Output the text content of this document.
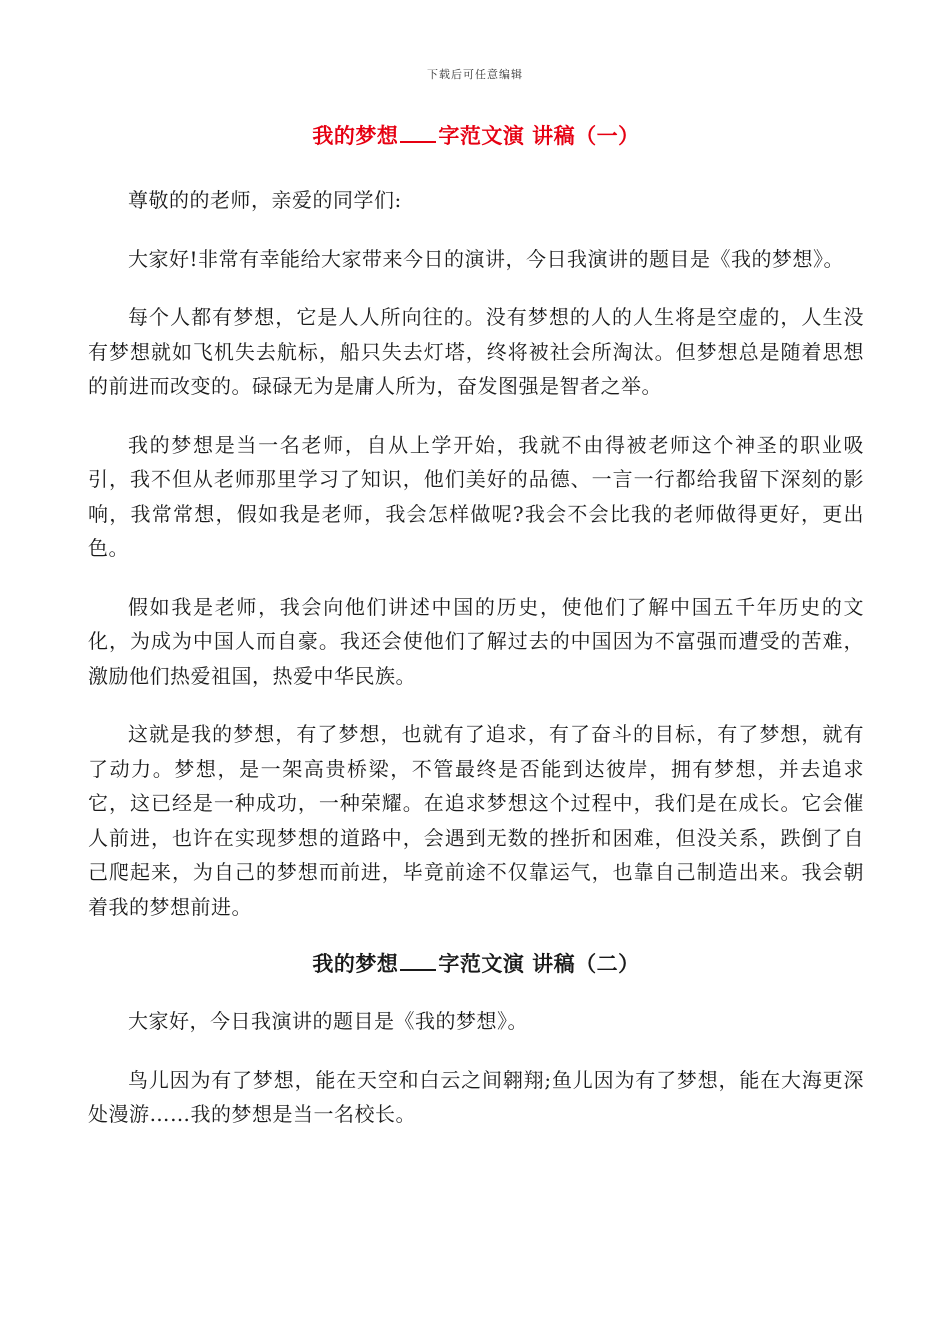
下载后可任意编辑
我的梦想 字范文演 讲稿（一）

尊敬的的老师，亲爱的同学们:

大家好!非常有幸能给大家带来今日的演讲，今日我演讲的题目是《我的梦想》。

每个人都有梦想，它是人人所向往的。没有梦想的人的人生将是空虚的，人生没有梦想就如飞机失去航标，船只失去灯塔，终将被社会所淘汰。但梦想总是随着思想的前进而改变的。碌碌无为是庸人所为，奋发图强是智者之举。

我的梦想是当一名老师，自从上学开始，我就不由得被老师这个神圣的职业吸引，我不但从老师那里学习了知识，他们美好的品德、一言一行都给我留下深刻的影响，我常常想，假如我是老师，我会怎样做呢?我会不会比我的老师做得更好，更出色。

假如我是老师，我会向他们讲述中国的历史，使他们了解中国五千年历史的文化，为成为中国人而自豪。我还会使他们了解过去的中国因为不富强而遭受的苦难，激励他们热爱祖国，热爱中华民族。

这就是我的梦想，有了梦想，也就有了追求，有了奋斗的目标，有了梦想，就有了动力。梦想，是一架高贵桥梁，不管最终是否能到达彼岸，拥有梦想，并去追求它，这已经是一种成功，一种荣耀。在追求梦想这个过程中，我们是在成长。它会催人前进，也许在实现梦想的道路中，会遇到无数的挫折和困难，但没关系，跌倒了自己爬起来，为自己的梦想而前进，毕竟前途不仅靠运气，也靠自己制造出来。我会朝着我的梦想前进。

我的梦想 字范文演 讲稿（二）

大家好，今日我演讲的题目是《我的梦想》。

鸟儿因为有了梦想，能在天空和白云之间翱翔;鱼儿因为有了梦想，能在大海更深处漫游……我的梦想是当一名校长。
